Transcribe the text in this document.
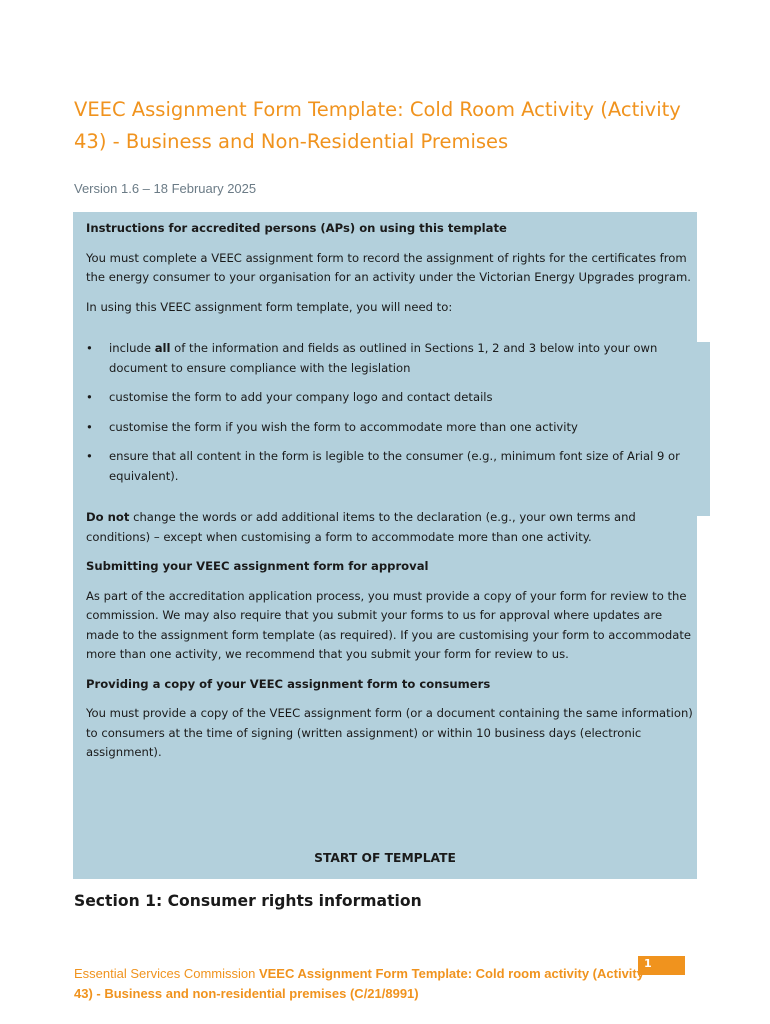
VEEC Assignment Form Template: Cold Room Activity (Activity 43) - Business and Non-Residential Premises
Version 1.6 – 18 February 2025

Instructions for accredited persons (APs) on using this template

You must complete a VEEC assignment form to record the assignment of rights for the certificates from the energy consumer to your organisation for an activity under the Victorian Energy Upgrades program.

In using this VEEC assignment form template, you will need to:

• include all of the information and fields as outlined in Sections 1, 2 and 3 below into your own document to ensure compliance with the legislation
• customise the form to add your company logo and contact details
• customise the form if you wish the form to accommodate more than one activity
• ensure that all content in the form is legible to the consumer (e.g., minimum font size of Arial 9 or equivalent).

Do not change the words or add additional items to the declaration (e.g., your own terms and conditions) – except when customising a form to accommodate more than one activity.

Submitting your VEEC assignment form for approval

As part of the accreditation application process, you must provide a copy of your form for review to the commission. We may also require that you submit your forms to us for approval where updates are made to the assignment form template (as required). If you are customising your form to accommodate more than one activity, we recommend that you submit your form for review to us.

Providing a copy of your VEEC assignment form to consumers

You must provide a copy of the VEEC assignment form (or a document containing the same information) to consumers at the time of signing (written assignment) or within 10 business days (electronic assignment).

START OF TEMPLATE
Section 1: Consumer rights information
1
Essential Services Commission VEEC Assignment Form Template: Cold room activity (Activity 43) - Business and non-residential premises (C/21/8991)
